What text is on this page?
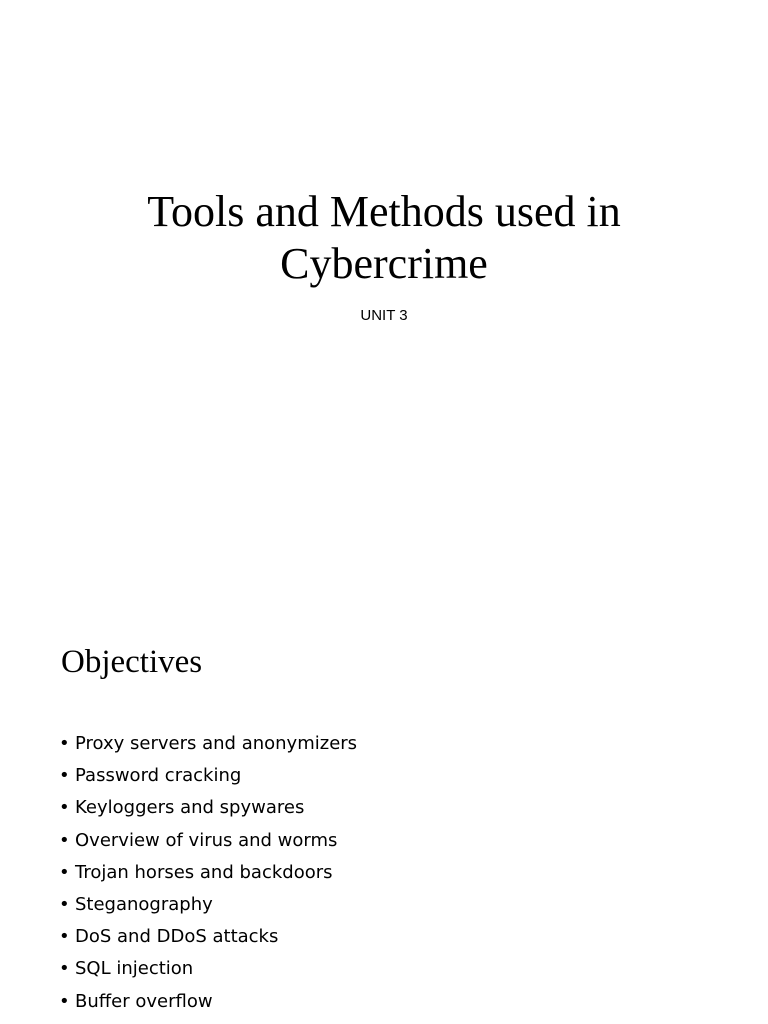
Tools and Methods used in
Cybercrime

UNIT 3

Objectives
• Proxy servers and anonymizers
• Password cracking
• Keyloggers and spywares
• Overview of virus and worms
• Trojan horses and backdoors
• Steganography
• DoS and DDoS attacks
• SQL injection
• Buffer overflow
